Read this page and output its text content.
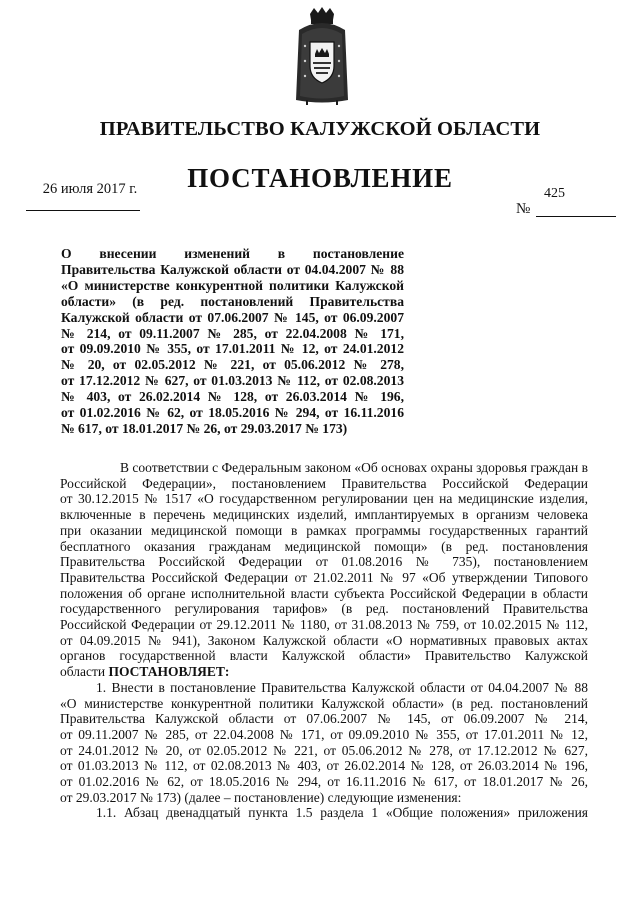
ПРАВИТЕЛЬСТВО КАЛУЖСКОЙ ОБЛАСТИ
ПОСТАНОВЛЕНИЕ
26 июля 2017 г.	425
№
О внесении изменений в постановление
Правительства Калужской области от 04.04.2007 № 88
«О министерстве конкурентной политики Калужской
области» (в ред. постановлений Правительства
Калужской области от 07.06.2007 № 145, от 06.09.2007
№ 214, от 09.11.2007 № 285, от 22.04.2008 № 171,
от 09.09.2010 № 355, от 17.01.2011 № 12, от 24.01.2012
№ 20, от 02.05.2012 № 221, от 05.06.2012 № 278,
от 17.12.2012 № 627, от 01.03.2013 № 112, от 02.08.2013
№ 403, от 26.02.2014 № 128, от 26.03.2014 № 196,
от 01.02.2016 № 62, от 18.05.2016 № 294, от 16.11.2016
№ 617, от 18.01.2017 № 26, от 29.03.2017 № 173)
В соответствии с Федеральным законом «Об основах охраны здоровья граждан в
Российской Федерации», постановлением Правительства Российской Федерации
от 30.12.2015 № 1517 «О государственном регулировании цен на медицинские изделия,
включенные в перечень медицинских изделий, имплантируемых в организм человека
при оказании медицинской помощи в рамках программы государственных гарантий
бесплатного оказания гражданам медицинской помощи» (в ред. постановления
Правительства Российской Федерации от 01.08.2016 № 735), постановлением
Правительства Российской Федерации от 21.02.2011 № 97 «Об утверждении Типового
положения об органе исполнительной власти субъекта Российской Федерации в области
государственного регулирования тарифов» (в ред. постановлений Правительства
Российской Федерации от 29.12.2011 № 1180, от 31.08.2013 № 759, от 10.02.2015 № 112,
от 04.09.2015 № 941), Законом Калужской области «О нормативных правовых актах
органов государственной власти Калужской области» Правительство Калужской
области ПОСТАНОВЛЯЕТ:
1. Внести в постановление Правительства Калужской области от 04.04.2007 № 88
«О министерстве конкурентной политики Калужской области» (в ред. постановлений
Правительства Калужской области от 07.06.2007 № 145, от 06.09.2007 № 214,
от 09.11.2007 № 285, от 22.04.2008 № 171, от 09.09.2010 № 355, от 17.01.2011 № 12,
от 24.01.2012 № 20, от 02.05.2012 № 221, от 05.06.2012 № 278, от 17.12.2012 № 627,
от 01.03.2013 № 112, от 02.08.2013 № 403, от 26.02.2014 № 128, от 26.03.2014 № 196,
от 01.02.2016 № 62, от 18.05.2016 № 294, от 16.11.2016 № 617, от 18.01.2017 № 26,
от 29.03.2017 № 173) (далее – постановление) следующие изменения:
1.1. Абзац двенадцатый пункта 1.5 раздела 1 «Общие положения» приложения
